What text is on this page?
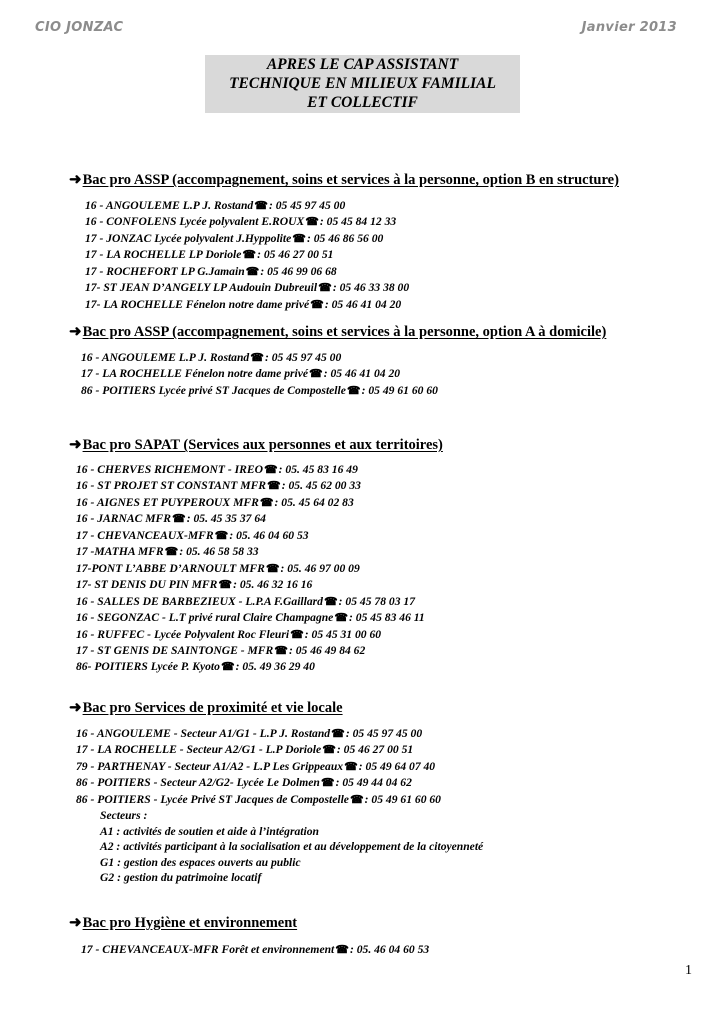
CIO JONZAC	Janvier 2013
APRES LE CAP ASSISTANT
TECHNIQUE EN MILIEUX FAMILIAL
ET COLLECTIF
➜Bac pro ASSP (accompagnement, soins et services à la personne, option B en structure)
16 - ANGOULEME L.P J. Rostand☎: 05 45 97 45 00
16 - CONFOLENS Lycée polyvalent E.ROUX☎: 05 45 84 12 33
17 - JONZAC Lycée polyvalent J.Hyppolite☎: 05 46 86 56 00
17 - LA ROCHELLE LP Doriole☎: 05 46 27 00 51
17 - ROCHEFORT LP G.Jamain☎: 05 46 99 06 68
17- ST JEAN D’ANGELY LP Audouin Dubreuil☎: 05 46 33 38 00
17- LA ROCHELLE Fénelon notre dame privé☎: 05 46 41 04 20
➜Bac pro ASSP (accompagnement, soins et services à la personne, option A à domicile)
16 - ANGOULEME L.P J. Rostand☎: 05 45 97 45 00
17 - LA ROCHELLE Fénelon notre dame privé☎: 05 46 41 04 20
86 - POITIERS Lycée privé ST Jacques de Compostelle☎: 05 49 61 60 60
➜Bac pro SAPAT (Services aux personnes et aux territoires)
16 - CHERVES RICHEMONT - IREO☎: 05. 45 83 16 49
16 - ST PROJET ST CONSTANT MFR☎: 05. 45 62 00 33
16 - AIGNES ET PUYPEROUX MFR☎: 05. 45 64 02 83
16 - JARNAC MFR☎: 05. 45 35 37 64
17 - CHEVANCEAUX-MFR☎: 05. 46 04 60 53
17 -MATHA MFR☎: 05. 46 58 58 33
17-PONT L’ABBE D’ARNOULT MFR☎: 05. 46 97 00 09
17- ST DENIS DU PIN MFR☎: 05. 46 32 16 16
16 - SALLES DE BARBEZIEUX - L.P.A F.Gaillard☎: 05 45 78 03 17
16 - SEGONZAC - L.T privé rural Claire Champagne☎: 05 45 83 46 11
16 - RUFFEC - Lycée Polyvalent Roc Fleuri☎: 05 45 31 00 60
17 - ST GENIS DE SAINTONGE - MFR☎: 05 46 49 84 62
86- POITIERS Lycée P. Kyoto☎: 05. 49 36 29 40
➜Bac pro Services de proximité et vie locale
16 - ANGOULEME - Secteur A1/G1 - L.P J. Rostand☎: 05 45 97 45 00
17 - LA ROCHELLE - Secteur A2/G1 - L.P Doriole☎: 05 46 27 00 51
79 - PARTHENAY - Secteur A1/A2 - L.P Les Grippeaux☎: 05 49 64 07 40
86 - POITIERS - Secteur A2/G2- Lycée Le Dolmen☎: 05 49 44 04 62
86 - POITIERS - Lycée Privé ST Jacques de Compostelle☎: 05 49 61 60 60
Secteurs :
A1 : activités de soutien et aide à l’intégration
A2 : activités participant à la socialisation et au développement de la citoyenneté
G1 : gestion des espaces ouverts au public
G2 : gestion du patrimoine locatif
➜Bac pro Hygiène et environnement
17 - CHEVANCEAUX-MFR Forêt et environnement☎: 05. 46 04 60 53
1
